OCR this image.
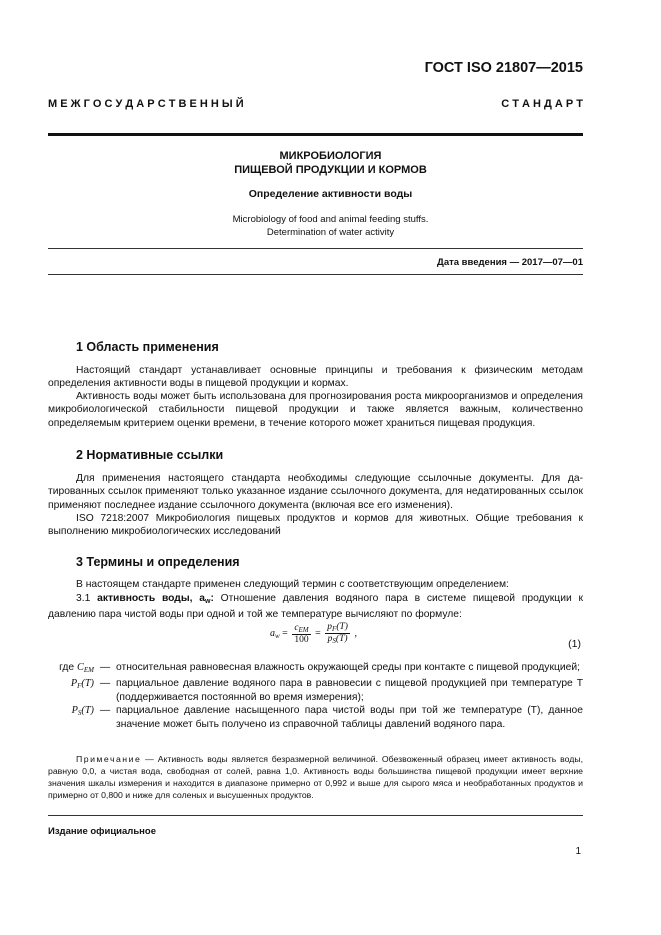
ГОСТ ISO 21807—2015
М Е Ж Г О С У Д А Р С Т В Е Н Н Ы Й	С Т А Н Д А Р Т
МИКРОБИОЛОГИЯ
ПИЩЕВОЙ ПРОДУКЦИИ И КОРМОВ
Определение активности воды
Microbiology of food and animal feeding stuffs.
Determination of water activity
Дата введения — 2017—07—01
1 Область применения
Настоящий стандарт устанавливает основные принципы и требования к физическим методам определения активности воды в пищевой продукции и кормах.
Активность воды может быть использована для прогнозирования роста микроорганизмов и определения микробиологической стабильности пищевой продукции и также является важным, количественно определяемым критерием оценки времени, в течение которого может храниться пищевая продукция.
2 Нормативные ссылки
Для применения настоящего стандарта необходимы следующие ссылочные документы. Для датированных ссылок применяют только указанное издание ссылочного документа, для недатированных ссылок применяют последнее издание ссылочного документа (включая все его изменения).
ISO 7218:2007 Микробиология пищевых продуктов и кормов для животных. Общие требования к выполнению микробиологических исследований
3 Термины и определения
В настоящем стандарте применен следующий термин с соответствующим определением:
3.1 активность воды, $a_w$: Отношение давления водяного пара в системе пищевой продукции к давлению пара чистой воды при одной и той же температуре вычисляют по формуле:
$a_w = \frac{c_{EM}}{100} = \frac{p_F(T)}{p_S(T)}$ ,
(1)
где $C_{EM}$ — относительная равновесная влажность окружающей среды при контакте с пищевой продукцией;
$P_F(T)$ — парциальное давление водяного пара в равновесии с пищевой продукцией при температуре T (поддерживается постоянной во время измерения);
$P_S(T)$ — парциальное давление насыщенного пара чистой воды при той же температуре (T), данное значение может быть получено из справочной таблицы давлений водяного пара.
Примечание — Активность воды является безразмерной величиной. Обезвоженный образец имеет активность воды, равную 0,0, а чистая вода, свободная от солей, равна 1,0. Активность воды большинства пищевой продукции имеет верхние значения шкалы измерения и находится в диапазоне примерно от 0,992 и выше для сырого мяса и необработанных продуктов и примерно от 0,800 и ниже для соленых и высушенных продуктов.
Издание официальное
1
